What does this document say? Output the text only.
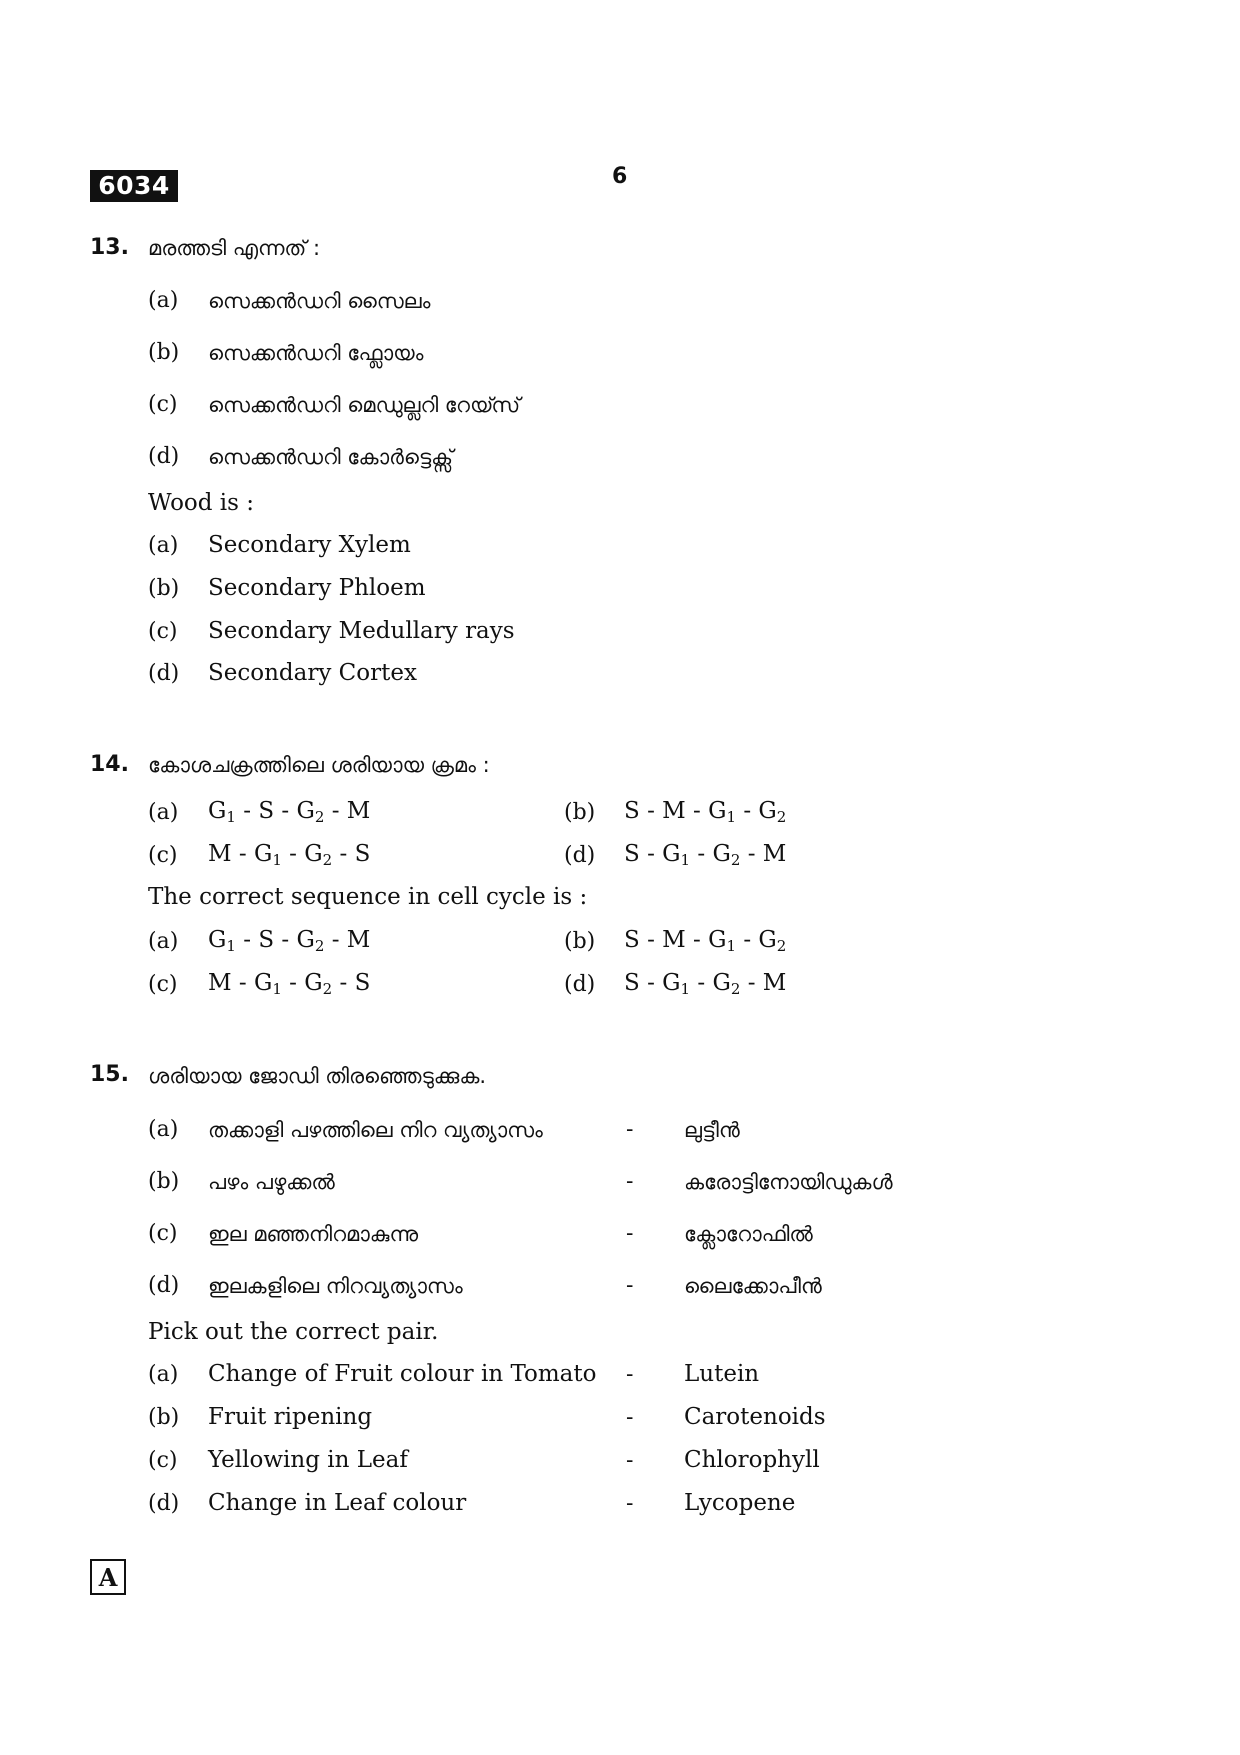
6034	6
13. മരത്തടി എന്നത് :
(a) സെക്കൻഡറി സൈലം
(b) സെക്കൻഡറി ഫ്ലോയം
(c) സെക്കൻഡറി മെഡുല്ലറി റേയ്സ്
(d) സെക്കൻഡറി കോർട്ടെക്സ്
Wood is :
(a) Secondary Xylem
(b) Secondary Phloem
(c) Secondary Medullary rays
(d) Secondary Cortex
14. കോശചക്രത്തിലെ ശരിയായ ക്രമം :
(a) $G_1$ - S - $G_2$ - M	(b) S - M - $G_1 - G_2$
(c) M - $G_1 - G_2$ - S	(d) S - $G_1 - G_2$ - M
The correct sequence in cell cycle is :
(a) $G_1$ - S - $G_2$ - M	(b) S - M - $G_1 - G_2$
(c) M - $G_1 - G_2$ - S	(d) S - $G_1 - G_2$ - M
15. ശരിയായ ജോഡി തിരഞ്ഞെടുക്കുക.
(a) തക്കാളി പഴത്തിലെ നിറ വ്യത്യാസം	- ലുട്ടീൻ
(b) പഴം പഴുക്കൽ	- കരോട്ടിനോയിഡുകൾ
(c) ഇല മഞ്ഞനിറമാകുന്നു	- ക്ലോറോഫിൽ
(d) ഇലകളിലെ നിറവ്യത്യാസം	- ലൈക്കോപീൻ
Pick out the correct pair.
(a) Change of Fruit colour in Tomato - Lutein
(b) Fruit ripening	- Carotenoids
(c) Yellowing in Leaf	- Chlorophyll
(d) Change in Leaf colour	- Lycopene
A
